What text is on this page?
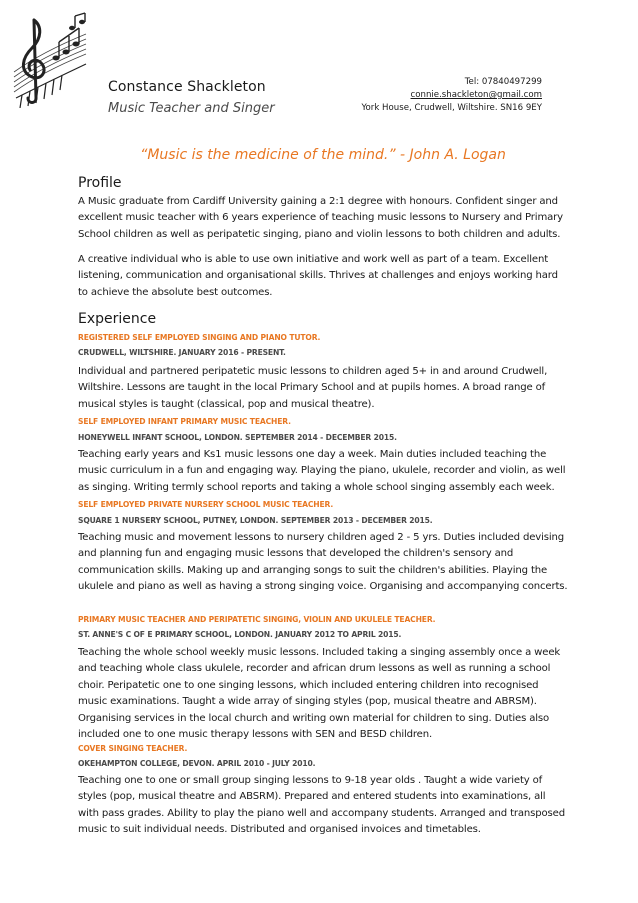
Constance Shackleton
Music Teacher and Singer
Tel: 07840497299
connie.shackleton@gmail.com
York House, Crudwell, Wiltshire. SN16 9EY
“Music is the medicine of the mind.” - John A. Logan
Profile
A Music graduate from Cardiff University gaining a 2:1 degree with honours. Confident singer and excellent music teacher with 6 years experience of teaching music lessons to Nursery and Primary School children as well as peripatetic singing, piano and violin lessons to both children and adults.
A creative individual who is able to use own initiative and work well as part of a team. Excellent listening, communication and organisational skills. Thrives at challenges and enjoys working hard to achieve the absolute best outcomes.
Experience
REGISTERED SELF EMPLOYED SINGING AND PIANO TUTOR.
CRUDWELL, WILTSHIRE. JANUARY 2016 - PRESENT.
Individual and partnered peripatetic music lessons to children aged 5+ in and around Crudwell, Wiltshire. Lessons are taught in the local Primary School and at pupils homes. A broad range of musical styles is taught (classical, pop and musical theatre).
SELF EMPLOYED INFANT PRIMARY MUSIC TEACHER.
HONEYWELL INFANT SCHOOL, LONDON. SEPTEMBER 2014 - DECEMBER 2015.
Teaching early years and Ks1 music lessons one day a week. Main duties included teaching the music curriculum in a fun and engaging way. Playing the piano, ukulele, recorder and violin, as well as singing. Writing termly school reports and taking a whole school singing assembly each week.
SELF EMPLOYED PRIVATE NURSERY SCHOOL MUSIC TEACHER.
SQUARE 1 NURSERY SCHOOL, PUTNEY, LONDON. SEPTEMBER 2013 - DECEMBER 2015.
Teaching music and movement lessons to nursery children aged 2 - 5 yrs. Duties included devising and planning fun and engaging music lessons that developed the children's sensory and communication skills. Making up and arranging songs to suit the children's abilities. Playing the ukulele and piano as well as having a strong singing voice. Organising and accompanying concerts.
PRIMARY MUSIC TEACHER AND PERIPATETIC SINGING, VIOLIN AND UKULELE TEACHER.
ST. ANNE'S C OF E PRIMARY SCHOOL, LONDON. JANUARY 2012 TO APRIL 2015.
Teaching the whole school weekly music lessons. Included taking a singing assembly once a week and teaching whole class ukulele, recorder and african drum lessons as well as running a school choir. Peripatetic one to one singing lessons, which included entering children into recognised music examinations. Taught a wide array of singing styles (pop, musical theatre and ABRSM). Organising services in the local church and writing own material for children to sing. Duties also included one to one music therapy lessons with SEN and BESD children.
COVER SINGING TEACHER.
OKEHAMPTON COLLEGE, DEVON. APRIL 2010 - JULY 2010.
Teaching one to one or small group singing lessons to 9-18 year olds . Taught a wide variety of styles (pop, musical theatre and ABSRM). Prepared and entered students into examinations, all with pass grades. Ability to play the piano well and accompany students. Arranged and transposed music to suit individual needs. Distributed and organised invoices and timetables.
